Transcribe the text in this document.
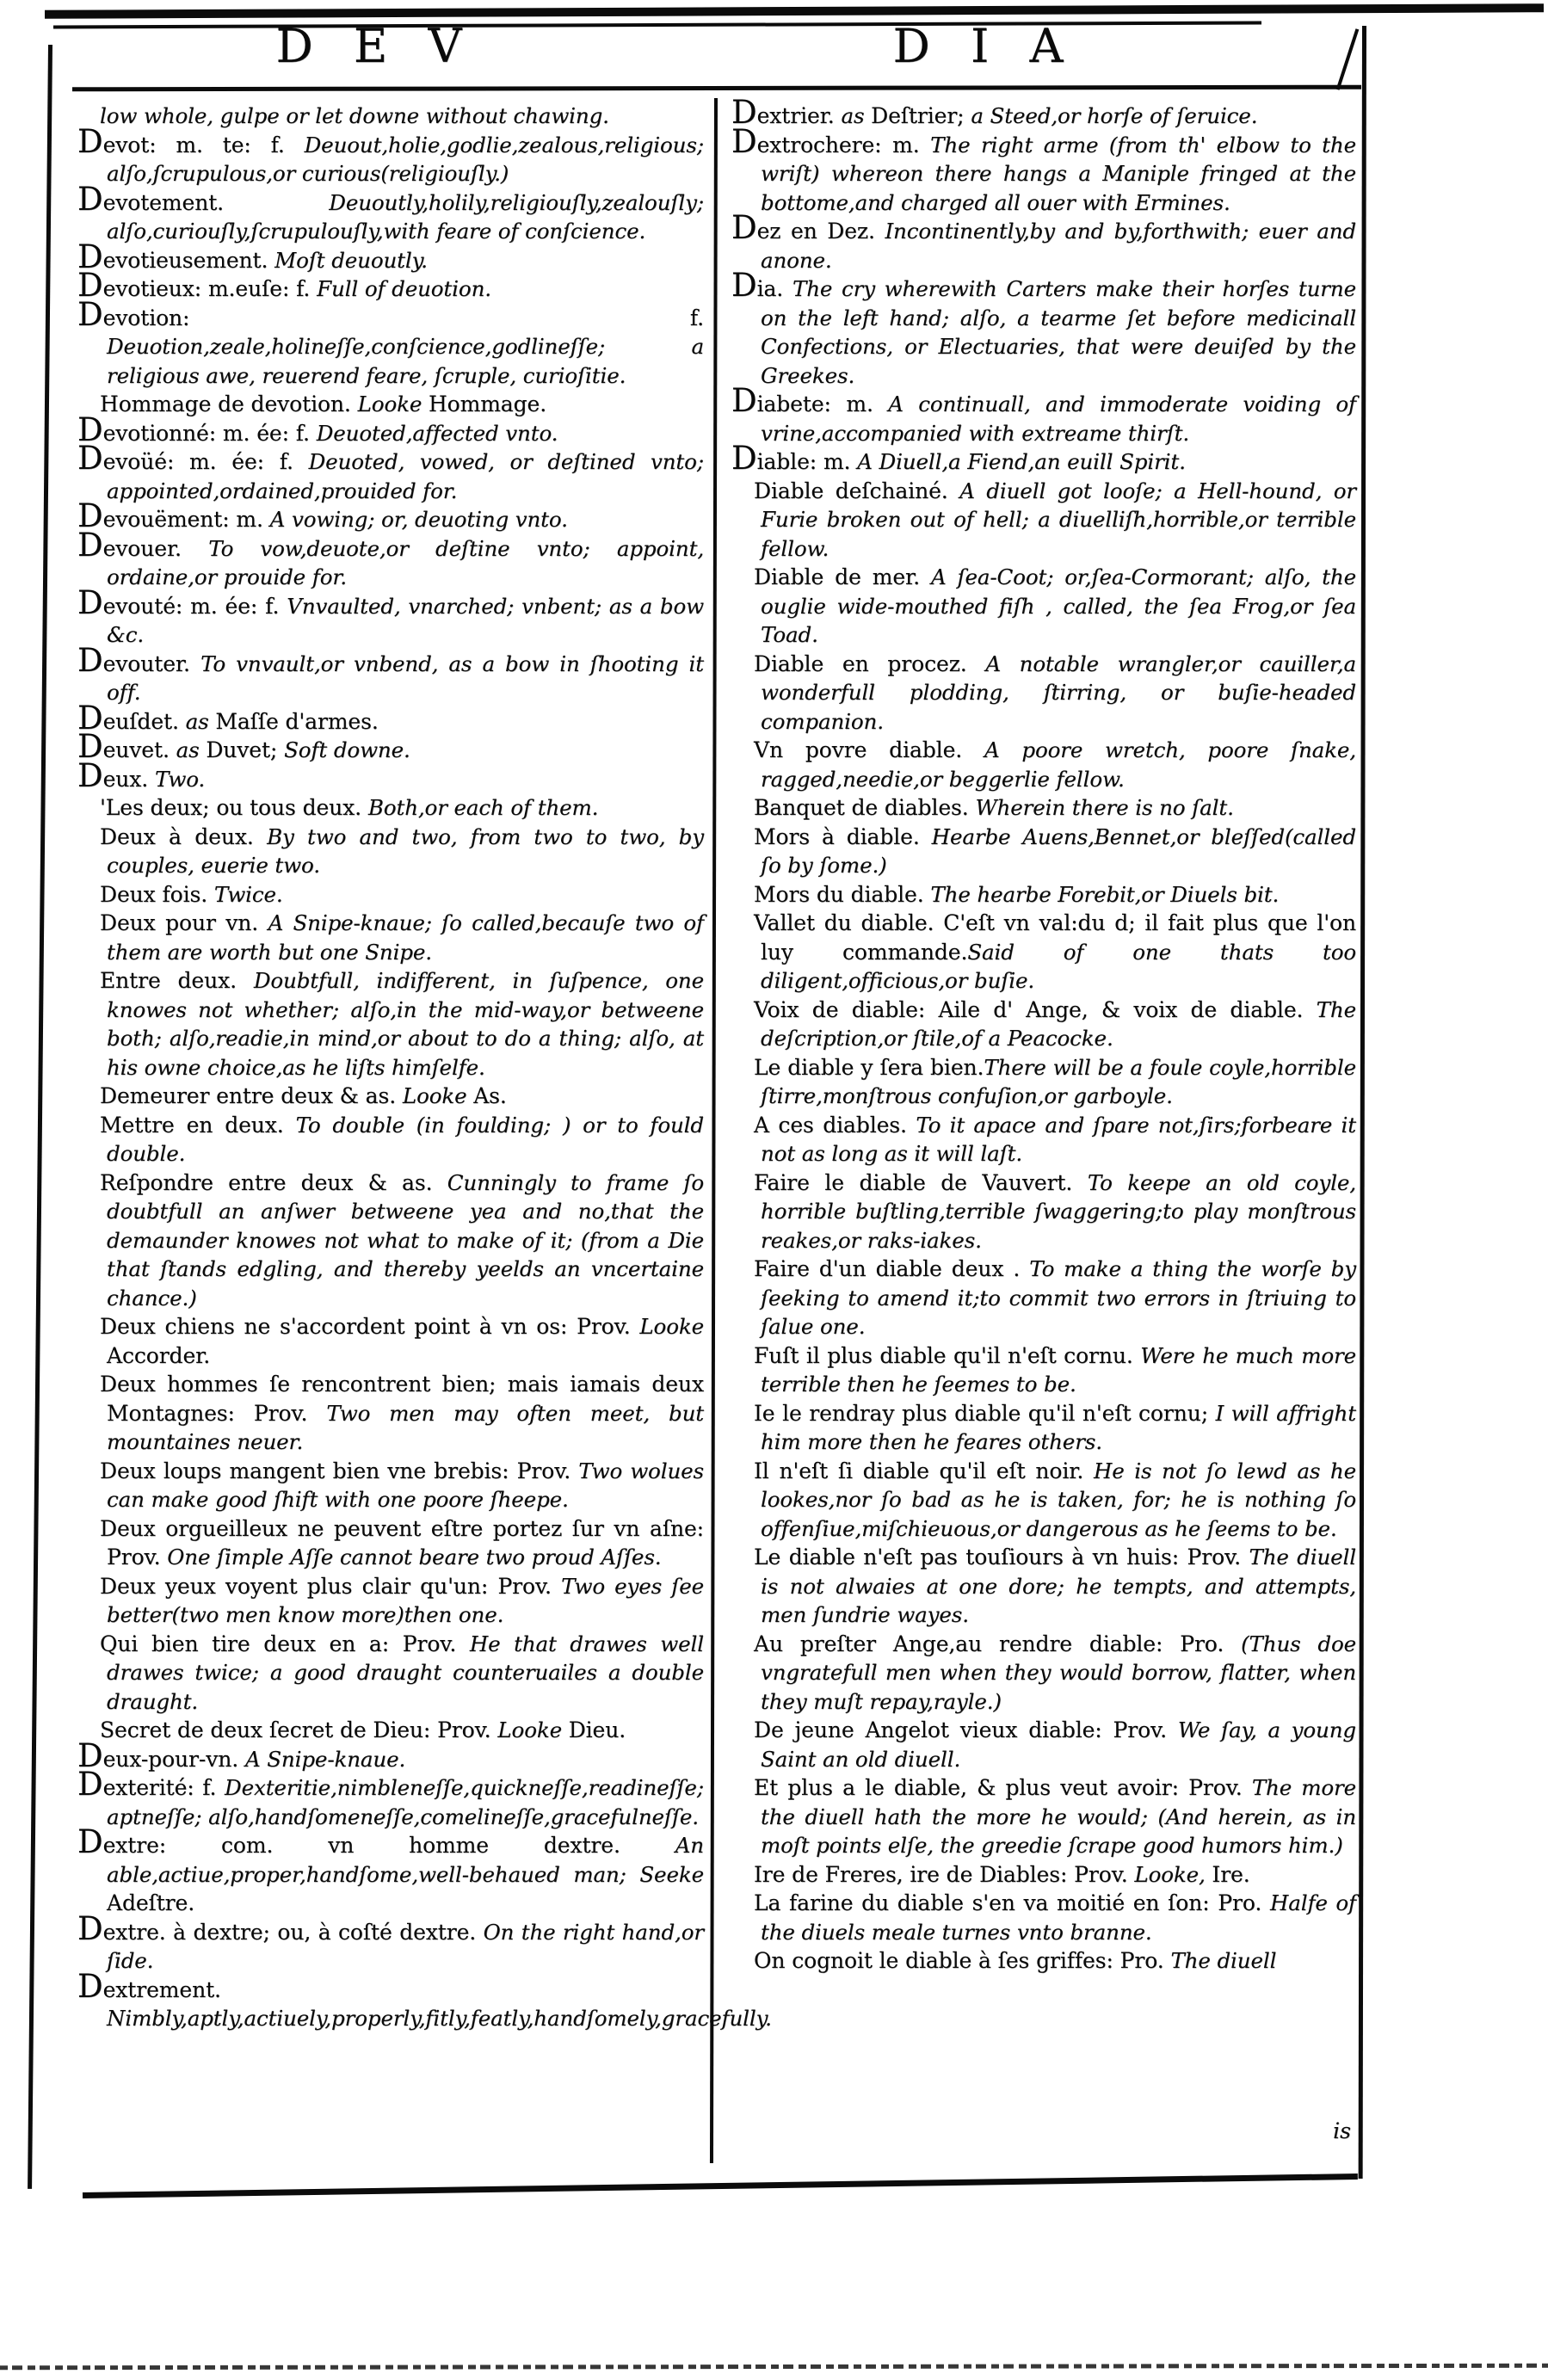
D E V	D I A

low whole, gulpe or let downe without chawing.

Devot: m. te: f. Deuout,holie,godlie,zealous,religious; alſo,ſcrupulous,or curious(religiouſly.)

Devotement. Deuoutly,holily,religiouſly,zealouſly; alſo,curiouſly,ſcrupulouſly,with feare of conſcience.

Devotieusement. Moſt deuoutly.

Devotieux: m.euſe: f. Full of deuotion.

Devotion: f. Deuotion,zeale,holineſſe,conſcience,godlineſſe; a religious awe, reuerend feare, ſcruple, curioſitie.

Hommage de devotion. Looke Hommage.

Devotionné: m. ée: f. Deuoted,affected vnto.

Devoüé: m. ée: f. Deuoted, vowed, or deſtined vnto; appointed,ordained,prouided for.

Devouëment: m. A vowing; or, deuoting vnto.

Devouer. To vow,deuote,or deſtine vnto; appoint, ordaine,or prouide for.

Devouté: m. ée: f. Vnvaulted, vnarched; vnbent; as a bow &c.

Devouter. To vnvault,or vnbend, as a bow in ſhooting it off.

Deuſdet. as Maſſe d'armes.

Deuvet. as Duvet; Soft downe.

Deux. Two.

'Les deux; ou tous deux. Both,or each of them.

Deux à deux. By two and two, from two to two, by couples, euerie two.

Deux fois. Twice.

Deux pour vn. A Snipe-knaue; ſo called,becauſe two of them are worth but one Snipe.

Entre deux. Doubtfull, indifferent, in ſuſpence, one knowes not whether; alſo,in the mid-way,or betweene both; alſo,readie,in mind,or about to do a thing; alſo, at his owne choice,as he liſts himſelfe.

Demeurer entre deux & as. Looke As.

Mettre en deux. To double (in foulding; ) or to fould double.

Reſpondre entre deux & as. Cunningly to frame ſo doubtfull an anſwer betweene yea and no,that the demaunder knowes not what to make of it; (from a Die that ſtands edgling, and thereby yeelds an vncertaine chance.)

Deux chiens ne s'accordent point à vn os: Prov. Looke Accorder.

Deux hommes ſe rencontrent bien; mais iamais deux Montagnes: Prov. Two men may often meet, but mountaines neuer.

Deux loups mangent bien vne brebis: Prov. Two wolues can make good ſhift with one poore ſheepe.

Deux orgueilleux ne peuvent eſtre portez ſur vn aſne: Prov. One ſimple Aſſe cannot beare two proud Aſſes.

Deux yeux voyent plus clair qu'un: Prov. Two eyes ſee better(two men know more)then one.

Qui bien tire deux en a: Prov. He that drawes well drawes twice; a good draught counteruailes a double draught.

Secret de deux ſecret de Dieu: Prov. Looke Dieu.

Deux-pour-vn. A Snipe-knaue.

Dexterité: f. Dexteritie,nimbleneſſe,quickneſſe,readineſſe; aptneſſe; alſo,handſomeneſſe,comelineſſe,gracefulneſſe.

Dextre: com. vn homme dextre. An able,actiue,proper,handſome,well-behaued man; Seeke Adeſtre.

Dextre. à dextre; ou, à coſté dextre. On the right hand,or ſide.

Dextrement. Nimbly,aptly,actiuely,properly,fitly,featly,handſomely,gracefully.

Dextrier. as Deſtrier; a Steed,or horſe of ſeruice.

Dextrochere: m. The right arme (from th' elbow to the wriſt) whereon there hangs a Maniple fringed at the bottome,and charged all ouer with Ermines.

Dez en Dez. Incontinently,by and by,forthwith; euer and anone.

Dia. The cry wherewith Carters make their horſes turne on the left hand; alſo, a tearme ſet before medicinall Confections, or Electuaries, that were deuiſed by the Greekes.

Diabete: m. A continuall, and immoderate voiding of vrine,accompanied with extreame thirſt.

Diable: m. A Diuell,a Fiend,an euill Spirit.

Diable deſchainé. A diuell got looſe; a Hell-hound, or Furie broken out of hell; a diuelliſh,horrible,or terrible fellow.

Diable de mer. A ſea-Coot; or,ſea-Cormorant; alſo, the ouglie wide-mouthed fiſh , called, the ſea Frog,or ſea Toad.

Diable en procez. A notable wrangler,or cauiller,a wonderfull plodding, ſtirring, or buſie-headed companion.

Vn povre diable. A poore wretch, poore ſnake, ragged,needie,or beggerlie fellow.

Banquet de diables. Wherein there is no ſalt.

Mors à diable. Hearbe Auens,Bennet,or bleſſed(called ſo by ſome.)

Mors du diable. The hearbe Forebit,or Diuels bit.

Vallet du diable. C'eſt vn val:du d; il fait plus que l'on luy commande.Said of one thats too diligent,officious,or buſie.

Voix de diable: Aile d' Ange, & voix de diable. The deſcription,or ſtile,of a Peacocke.

Le diable y ſera bien.There will be a foule coyle,horrible ſtirre,monſtrous confuſion,or garboyle.

A ces diables. To it apace and ſpare not,ſirs;forbeare it not as long as it will laſt.

Faire le diable de Vauvert. To keepe an old coyle, horrible buſtling,terrible ſwaggering;to play monſtrous reakes,or raks-iakes.

Faire d'un diable deux . To make a thing the worſe by ſeeking to amend it;to commit two errors in ſtriuing to ſalue one.

Fuſt il plus diable qu'il n'eſt cornu. Were he much more terrible then he ſeemes to be.

Ie le rendray plus diable qu'il n'eſt cornu; I will affright him more then he feares others.

Il n'eſt ſi diable qu'il eſt noir. He is not ſo lewd as he lookes,nor ſo bad as he is taken, for; he is nothing ſo offenſiue,miſchieuous,or dangerous as he ſeems to be.

Le diable n'eſt pas touſiours à vn huis: Prov. The diuell is not alwaies at one dore; he tempts, and attempts, men ſundrie wayes.

Au preſter Ange,au rendre diable: Pro. (Thus doe vngratefull men when they would borrow, flatter, when they muſt repay,rayle.)

De jeune Angelot vieux diable: Prov. We ſay, a young Saint an old diuell.

Et plus a le diable, & plus veut avoir: Prov. The more the diuell hath the more he would; (And herein, as in moſt points elſe, the greedie ſcrape good humors him.)

Ire de Freres, ire de Diables: Prov. Looke, Ire.

La farine du diable s'en va moitié en ſon: Pro. Halfe of the diuels meale turnes vnto branne.

On cognoit le diable à ſes griffes: Pro. The diuell

is
